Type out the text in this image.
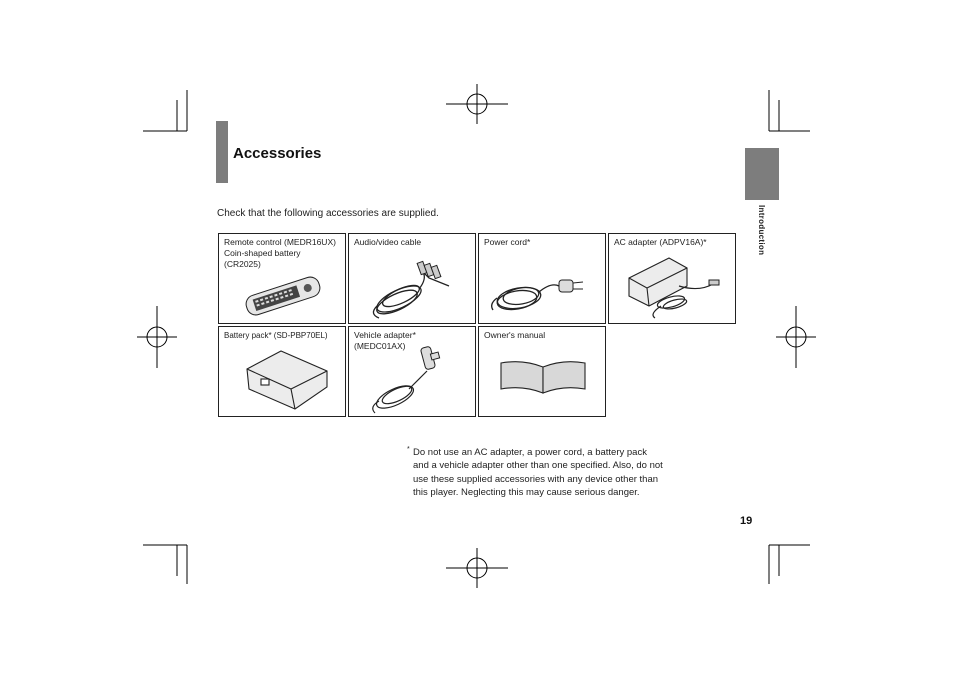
Accessories
Check that the following accessories are supplied.	Introduction
Remote control (MEDR16UX)
Coin-shaped battery
(CR2025)
Audio/video cable	Power cord*	AC adapter (ADPV16A)*
Battery pack* (SD-PBP70EL)	Vehicle adapter*
(MEDC01AX)
Owner's manual
* Do not use an AC adapter, a power cord, a battery pack and a vehicle adapter other than one specified. Also, do not use these supplied accessories with any device other than this player. Neglecting this may cause serious danger.
19
